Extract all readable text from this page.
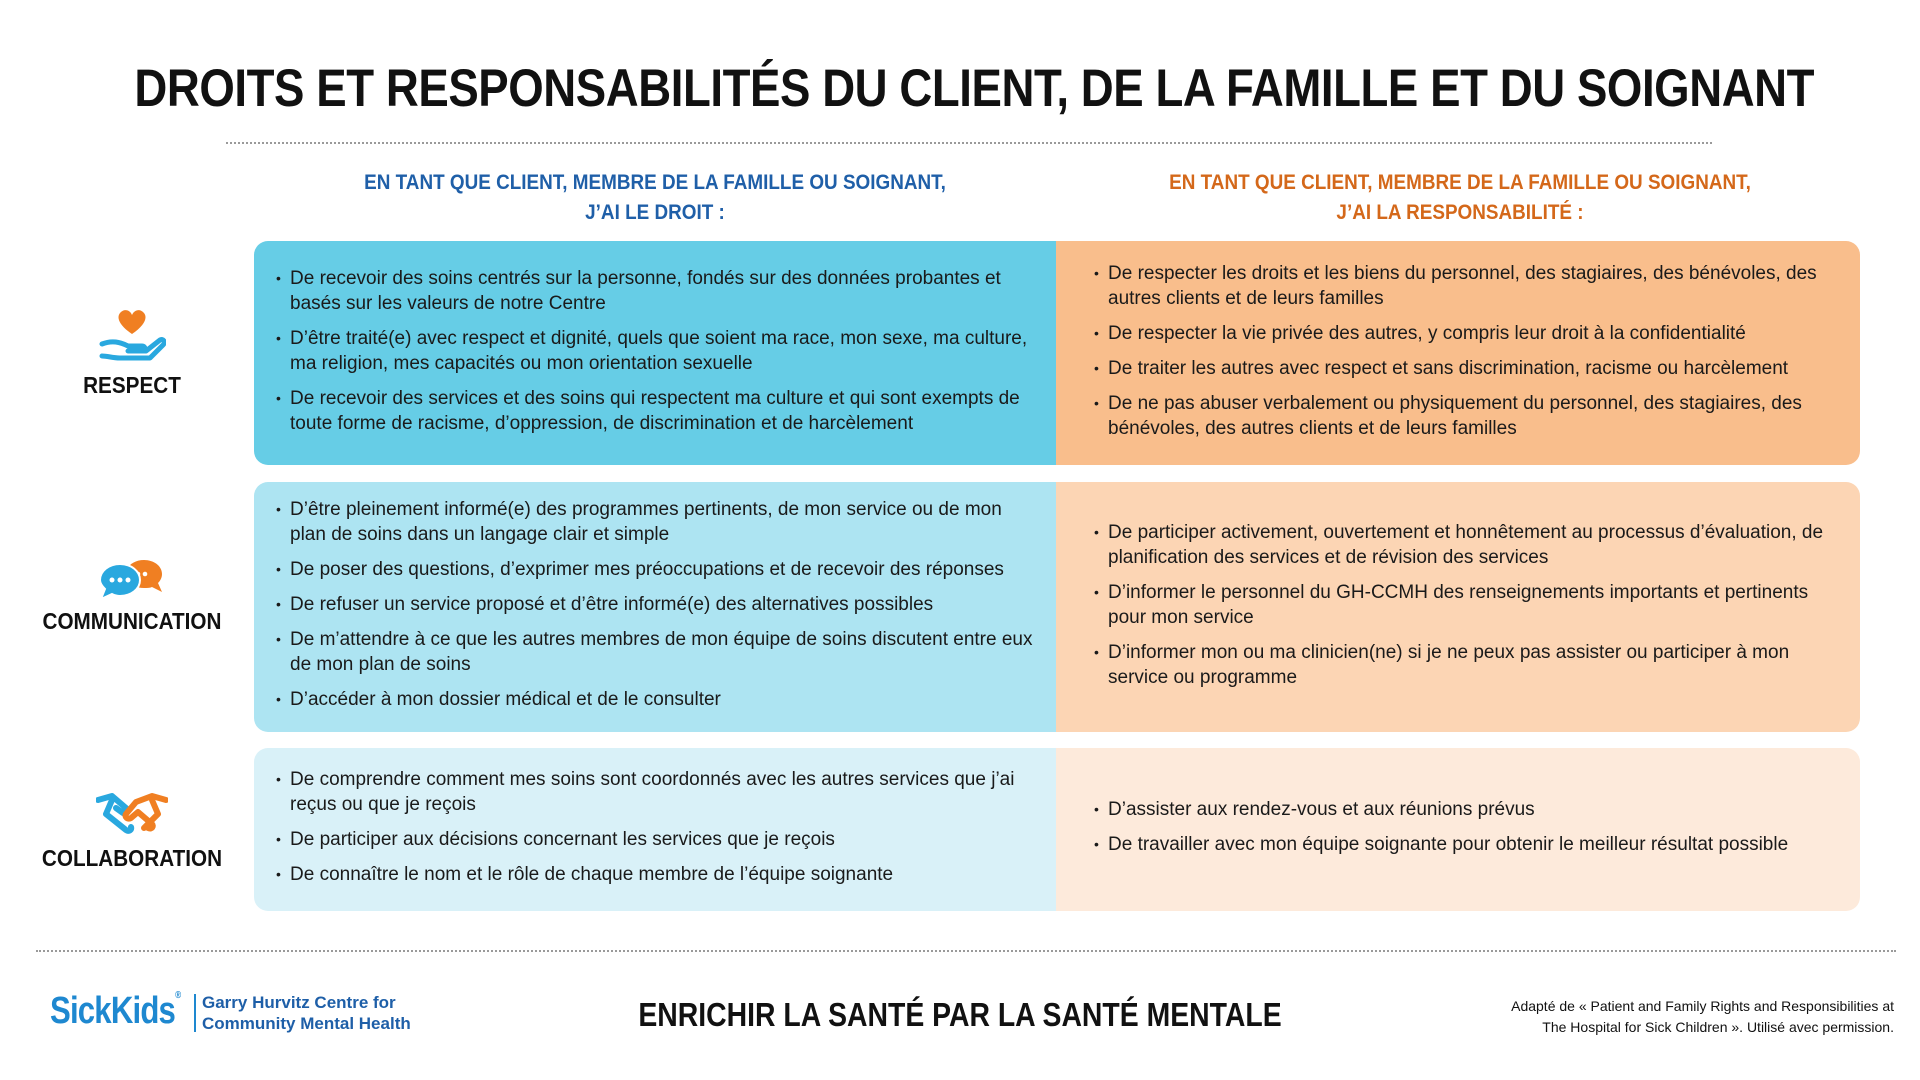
DROITS ET RESPONSABILITÉS DU CLIENT, DE LA FAMILLE ET DU SOIGNANT
EN TANT QUE CLIENT, MEMBRE DE LA FAMILLE OU SOIGNANT,
J’AI LE DROIT :
EN TANT QUE CLIENT, MEMBRE DE LA FAMILLE OU SOIGNANT,
J’AI LA RESPONSABILITÉ :
RESPECT
• De recevoir des soins centrés sur la personne, fondés sur des données probantes et basés sur les valeurs de notre Centre
• D’être traité(e) avec respect et dignité, quels que soient ma race, mon sexe, ma culture, ma religion, mes capacités ou mon orientation sexuelle
• De recevoir des services et des soins qui respectent ma culture et qui sont exempts de toute forme de racisme, d’oppression, de discrimination et de harcèlement
• De respecter les droits et les biens du personnel, des stagiaires, des bénévoles, des autres clients et de leurs familles
• De respecter la vie privée des autres, y compris leur droit à la confidentialité
• De traiter les autres avec respect et sans discrimination, racisme ou harcèlement
• De ne pas abuser verbalement ou physiquement du personnel, des stagiaires, des bénévoles, des autres clients et de leurs familles
COMMUNICATION
• D’être pleinement informé(e) des programmes pertinents, de mon service ou de mon plan de soins dans un langage clair et simple
• De poser des questions, d’exprimer mes préoccupations et de recevoir des réponses
• De refuser un service proposé et d’être informé(e) des alternatives possibles
• De m’attendre à ce que les autres membres de mon équipe de soins discutent entre eux de mon plan de soins
• D’accéder à mon dossier médical et de le consulter
• De participer activement, ouvertement et honnêtement au processus d’évaluation, de planification des services et de révision des services
• D’informer le personnel du GH-CCMH des renseignements importants et pertinents pour mon service
• D’informer mon ou ma clinicien(ne) si je ne peux pas assister ou participer à mon service ou programme
COLLABORATION
• De comprendre comment mes soins sont coordonnés avec les autres services que j’ai reçus ou que je reçois
• De participer aux décisions concernant les services que je reçois
• De connaître le nom et le rôle de chaque membre de l’équipe soignante
• D’assister aux rendez-vous et aux réunions prévus
• De travailler avec mon équipe soignante pour obtenir le meilleur résultat possible
SickKids® Garry Hurvitz Centre for
Community Mental Health	ENRICHIR LA SANTÉ PAR LA SANTÉ MENTALE	Adapté de « Patient and Family Rights and Responsibilities at
The Hospital for Sick Children ». Utilisé avec permission.
